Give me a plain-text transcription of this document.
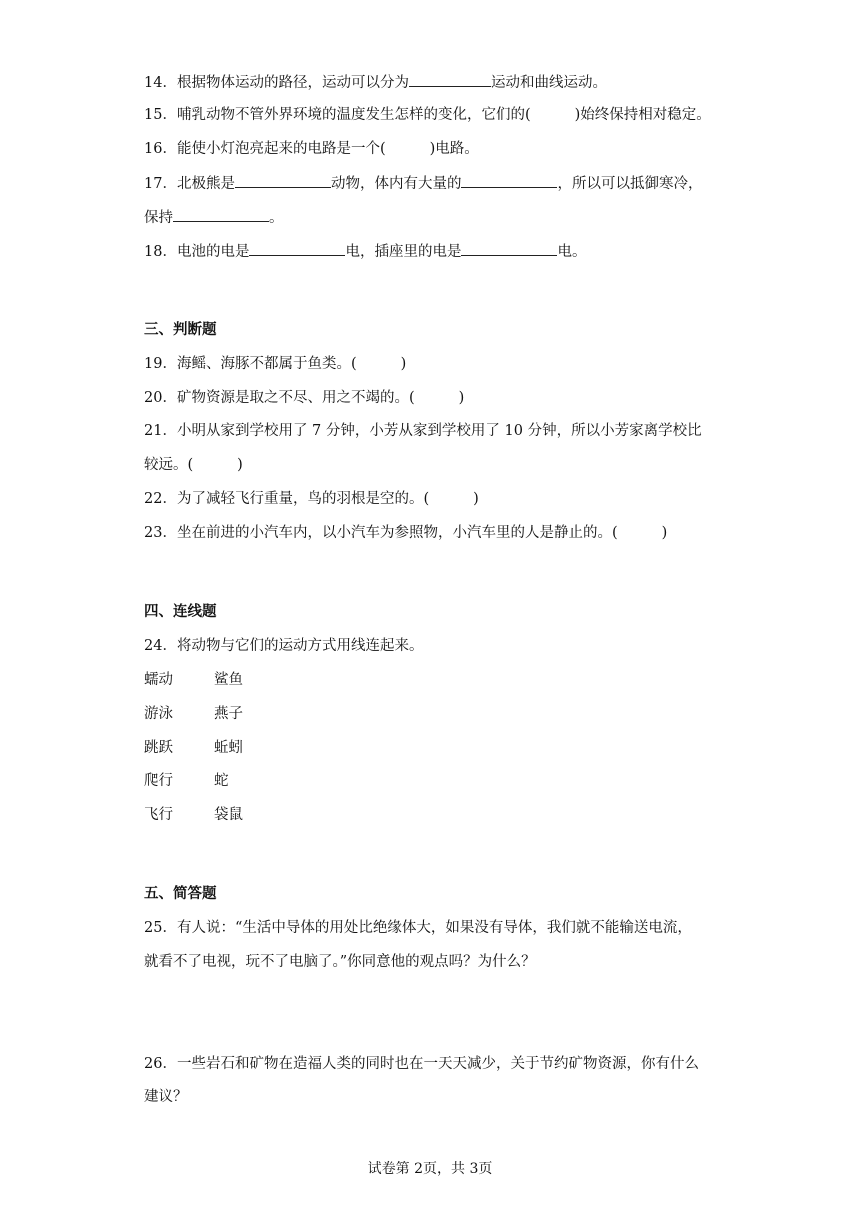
14．根据物体运动的路径，运动可以分为	运动和曲线运动。
15．哺乳动物不管外界环境的温度发生怎样的变化，它们的(	)始终保持相对稳定。
16．能使小灯泡亮起来的电路是一个(	)电路。
17．北极熊是	动物，体内有大量的	，所以可以抵御寒冷，
保持	。
18．电池的电是	电，插座里的电是	电。
三、判断题
19．海鳐、海豚不都属于鱼类。(	)
20．矿物资源是取之不尽、用之不竭的。(	)
21．小明从家到学校用了 7 分钟，小芳从家到学校用了 10 分钟，所以小芳家离学校比
较远。(	)
22．为了减轻飞行重量，鸟的羽根是空的。(	)
23．坐在前进的小汽车内，以小汽车为参照物，小汽车里的人是静止的。(	)
四、连线题
24．将动物与它们的运动方式用线连起来。
蠕动	鲨鱼
游泳	燕子
跳跃	蚯蚓
爬行	蛇
飞行	袋鼠
五、简答题
25．有人说：“生活中导体的用处比绝缘体大，如果没有导体，我们就不能输送电流，
就看不了电视，玩不了电脑了。”你同意他的观点吗？为什么？
26．一些岩石和矿物在造福人类的同时也在一天天减少，关于节约矿物资源，你有什么
建议？
试卷第 2页，共 3页
